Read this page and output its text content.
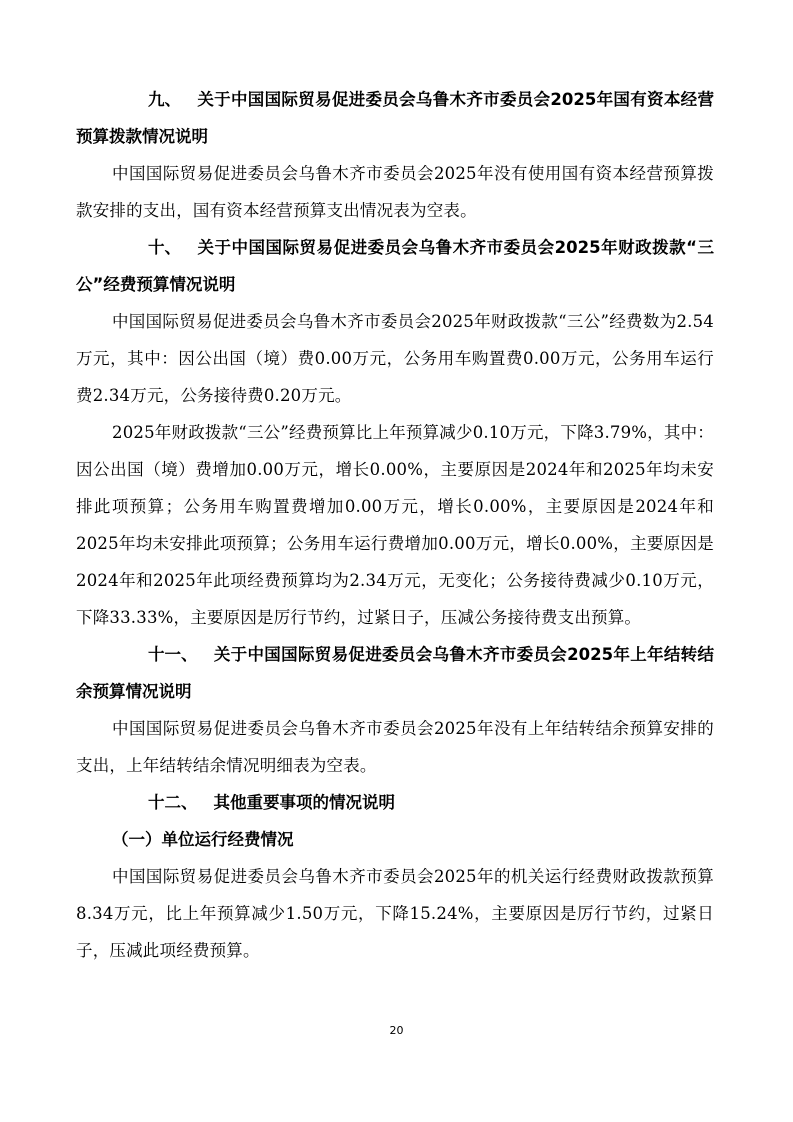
九、 关于中国国际贸易促进委员会乌鲁木齐市委员会2025年国有资本经营预算拨款情况说明

中国国际贸易促进委员会乌鲁木齐市委员会2025年没有使用国有资本经营预算拨款安排的支出，国有资本经营预算支出情况表为空表。

十、 关于中国国际贸易促进委员会乌鲁木齐市委员会2025年财政拨款“三公”经费预算情况说明

中国国际贸易促进委员会乌鲁木齐市委员会2025年财政拨款“三公”经费数为2.54万元，其中：因公出国（境）费0.00万元，公务用车购置费0.00万元，公务用车运行费2.34万元，公务接待费0.20万元。

2025年财政拨款“三公”经费预算比上年预算减少0.10万元，下降3.79%，其中：因公出国（境）费增加0.00万元，增长0.00%，主要原因是2024年和2025年均未安排此项预算；公务用车购置费增加0.00万元，增长0.00%，主要原因是2024年和2025年均未安排此项预算；公务用车运行费增加0.00万元，增长0.00%，主要原因是2024年和2025年此项经费预算均为2.34万元，无变化；公务接待费减少0.10万元，下降33.33%，主要原因是厉行节约，过紧日子，压减公务接待费支出预算。

十一、 关于中国国际贸易促进委员会乌鲁木齐市委员会2025年上年结转结余预算情况说明

中国国际贸易促进委员会乌鲁木齐市委员会2025年没有上年结转结余预算安排的支出，上年结转结余情况明细表为空表。

十二、 其他重要事项的情况说明

（一）单位运行经费情况

中国国际贸易促进委员会乌鲁木齐市委员会2025年的机关运行经费财政拨款预算8.34万元，比上年预算减少1.50万元，下降15.24%，主要原因是厉行节约，过紧日子，压减此项经费预算。

20
